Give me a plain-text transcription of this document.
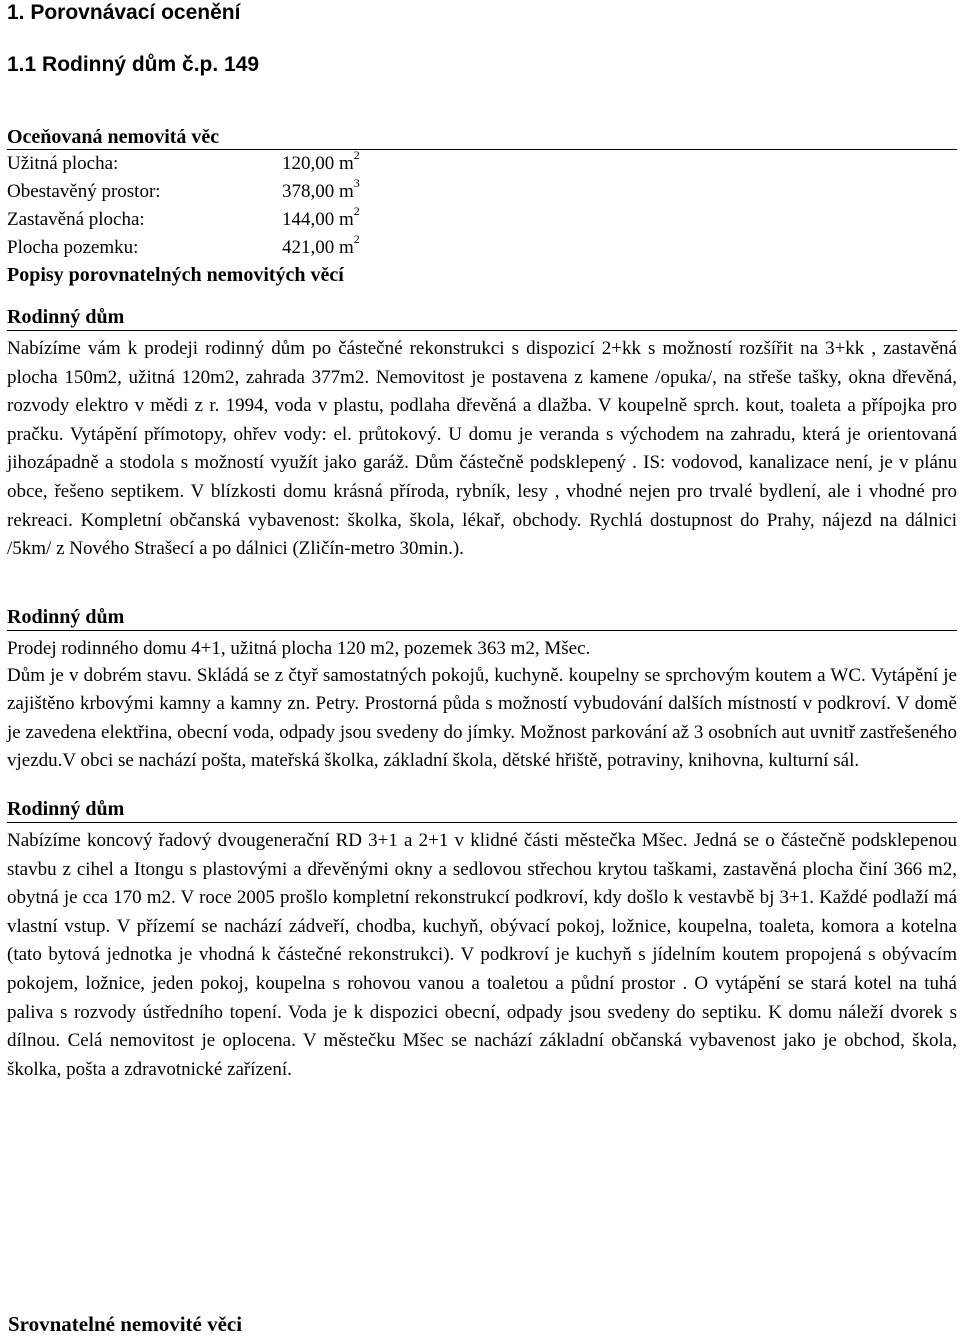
1. Porovnávací ocenění
1.1 Rodinný dům č.p. 149
Oceňovaná nemovitá věc
Užitná plocha:	120,00 $m^2$
Obestavěný prostor:	378,00 $m^3$
Zastavěná plocha:	144,00 $m^2$
Plocha pozemku:	421,00 $m^2$
Popisy porovnatelných nemovitých věcí
Rodinný dům

Nabízíme vám k prodeji rodinný dům po částečné rekonstrukci s dispozicí 2+kk s možností rozšířit na 3+kk , zastavěná plocha 150m2, užitná 120m2, zahrada 377m2. Nemovitost je postavena z kamene /opuka/, na střeše tašky, okna dřevěná, rozvody elektro v mědi z r. 1994, voda v plastu, podlaha dřevěná a dlažba. V koupelně sprch. kout, toaleta a přípojka pro pračku. Vytápění přímotopy, ohřev vody: el. průtokový. U domu je veranda s východem na zahradu, která je orientovaná jihozápadně a stodola s možností využít jako garáž. Dům částečně podsklepený . IS: vodovod, kanalizace není, je v plánu obce, řešeno septikem. V blízkosti domu krásná příroda, rybník, lesy , vhodné nejen pro trvalé bydlení, ale i vhodné pro rekreaci. Kompletní občanská vybavenost: školka, škola, lékař, obchody. Rychlá dostupnost do Prahy, nájezd na dálnici /5km/ z Nového Strašecí a po dálnici (Zličín-metro 30min.).

Rodinný dům

Prodej rodinného domu 4+1, užitná plocha 120 m2, pozemek 363 m2, Mšec.

Dům je v dobrém stavu. Skládá se z čtyř samostatných pokojů, kuchyně. koupelny se sprchovým koutem a WC. Vytápění je zajištěno krbovými kamny a kamny zn. Petry. Prostorná půda s možností vybudování dalších místností v podkroví. V domě je zavedena elektřina, obecní voda, odpady jsou svedeny do jímky. Možnost parkování až 3 osobních aut uvnitř zastřešeného vjezdu.V obci se nachází pošta, mateřská školka, základní škola, dětské hřiště, potraviny, knihovna, kulturní sál.

Rodinný dům

Nabízíme koncový řadový dvougenerační RD 3+1 a 2+1 v klidné části městečka Mšec. Jedná se o částečně podsklepenou stavbu z cihel a Itongu s plastovými a dřevěnými okny a sedlovou střechou krytou taškami, zastavěná plocha činí 366 m2, obytná je cca 170 m2. V roce 2005 prošlo kompletní rekonstrukcí podkroví, kdy došlo k vestavbě bj 3+1. Každé podlaží má vlastní vstup. V přízemí se nachází zádveří, chodba, kuchyň, obývací pokoj, ložnice, koupelna, toaleta, komora a kotelna (tato bytová jednotka je vhodná k částečné rekonstrukci). V podkroví je kuchyň s jídelním koutem propojená s obývacím pokojem, ložnice, jeden pokoj, koupelna s rohovou vanou a toaletou a půdní prostor . O vytápění se stará kotel na tuhá paliva s rozvody ústředního topení. Voda je k dispozici obecní, odpady jsou svedeny do septiku. K domu náleží dvorek s dílnou. Celá nemovitost je oplocena. V městečku Mšec se nachází základní občanská vybavenost jako je obchod, škola, školka, pošta a zdravotnické zařízení.

Srovnatelné nemovité věci
